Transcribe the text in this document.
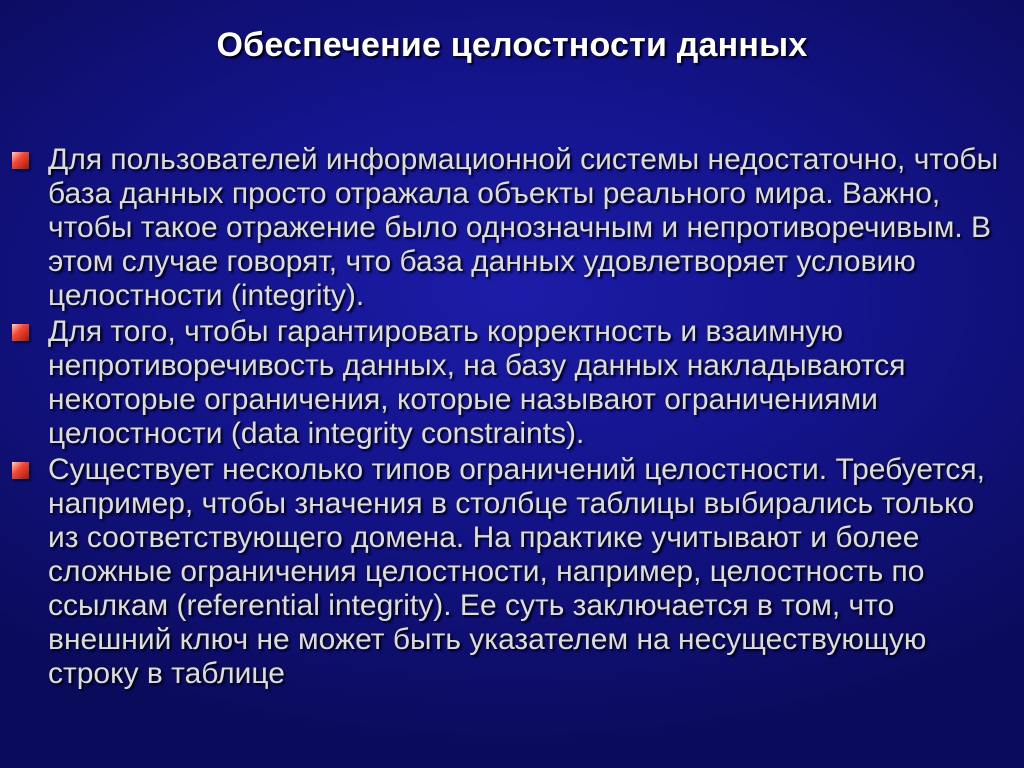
Обеспечение целостности данных
Для пользователей информационной системы недостаточно, чтобы база данных просто отражала объекты реального мира. Важно, чтобы такое отражение было однозначным и непротиворечивым. В этом случае говорят, что база данных удовлетворяет условию целостности (integrity).
Для того, чтобы гарантировать корректность и взаимную непротиворечивость данных, на базу данных накладываются некоторые ограничения, которые называют ограничениями целостности (data integrity constraints).
Существует несколько типов ограничений целостности. Требуется, например, чтобы значения в столбце таблицы выбирались только из соответствующего домена. На практике учитывают и более сложные ограничения целостности, например, целостность по ссылкам (referential integrity). Ее суть заключается в том, что внешний ключ не может быть указателем на несуществующую строку в таблице
